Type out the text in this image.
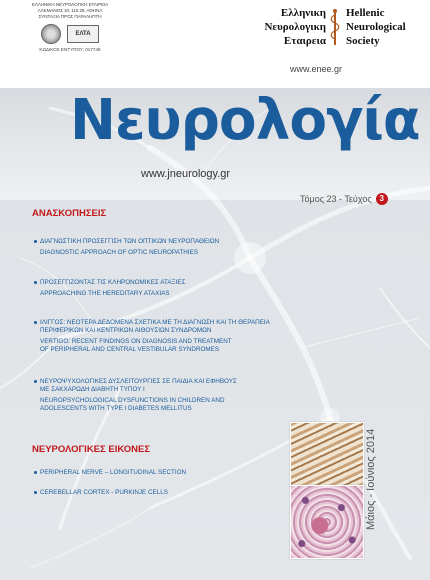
ΕΛΛΗΝΙΚΗ ΝΕΥΡΟΛΟΓΙΚΗ ΕΤΑΙΡΕΙΑ
ΑΛΚΜΑΝΟΣ 10, 115 28, ΑΘΗΝΑ
ΣΥΝΤΑΞΙΑ ΠΡΟΣ ΠΑΡΑΛΗΠΤΗ
ΕΛΤΑ
ΚΩΔΙΚΟΣ ΕΝΤΥΠΟΥ: 017748
Ελληνικη
Νευρολογικη
Εταιρεια
Hellenic
Neurological
Society
www.enee.gr
Νευρολογία
www.jneurology.gr
Τόμος 23 - Τεύχος 3
ΑΝΑΣΚΟΠΗΣΕΙΣ
ΔΙΑΓΝΩΣΤΙΚΗ ΠΡΟΣΕΓΓΙΣΗ ΤΩΝ ΟΠΤΙΚΩΝ ΝΕΥΡΟΠΑΘΕΙΩΝ
DIAGNOSTIC APPROACH OF OPTIC NEUROPATHIES
ΠΡΟΣΕΓΓΙΖΟΝΤΑΣ ΤΙΣ ΚΛΗΡΟΝΟΜΙΚΕΣ ΑΤΑΞΙΕΣ
APPROACHING THE HEREDITARY ATAXIAS
ΙΛΙΓΓΟΣ: ΝΕΟΤΕΡΑ ΔΕΔΟΜΕΝΑ ΣΧΕΤΙΚΑ ΜΕ ΤΗ ΔΙΑΓΝΩΣΗ ΚΑΙ ΤΗ ΘΕΡΑΠΕΙΑ
ΠΕΡΙΦΕΡΙΚΩΝ ΚΑΙ ΚΕΝΤΡΙΚΩΝ ΑΙΘΟΥΣΙΩΝ ΣΥΝΔΡΟΜΩΝ
VERTIGO: RECENT FINDINGS ON DIAGNOSIS AND TREATMENT
OF PERIPHERAL AND CENTRAL VESTIBULAR SYNDROMES
ΝΕΥΡΟΨΥΧΟΛΟΓΙΚΕΣ ΔΥΣΛΕΙΤΟΥΡΓΙΕΣ ΣΕ ΠΑΙΔΙΑ ΚΑΙ ΕΦΗΒΟΥΣ
ΜΕ ΣΑΚΧΑΡΩΔΗ ΔΙΑΒΗΤΗ ΤΥΠΟΥ Ι
NEUROPSYCHOLOGICAL DYSFUNCTIONS IN CHILDREN AND
ADOLESCENTS WITH TYPE I DIABETES MELLITUS
ΝΕΥΡΟΛΟΓΙΚΕΣ ΕΙΚΟΝΕΣ
PERIPHERAL NERVE – LONGITUDINAL SECTION
CEREBELLAR CORTEX - PURKINJE CELLS	Μάιος - Ιούνιος 2014
